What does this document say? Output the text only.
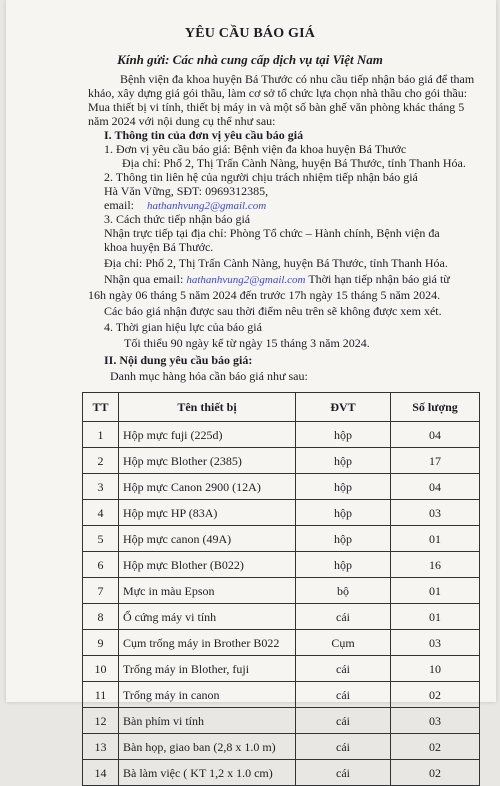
YÊU CẦU BÁO GIÁ
Kính gửi: Các nhà cung cấp dịch vụ tại Việt Nam
Bệnh viện đa khoa huyện Bá Thước có nhu cầu tiếp nhận báo giá để tham
khảo, xây dựng giá gói thầu, làm cơ sở tổ chức lựa chọn nhà thầu cho gói thầu:
Mua thiết bị vi tính, thiết bị máy in và một số bàn ghế văn phòng khác tháng 5
năm 2024 với nội dung cụ thể như sau:
I. Thông tin của đơn vị yêu cầu báo giá
1. Đơn vị yêu cầu báo giá: Bệnh viện đa khoa huyện Bá Thước
Địa chỉ: Phố 2, Thị Trấn Cành Nàng, huyện Bá Thước, tỉnh Thanh Hóa.
2. Thông tin liên hệ của người chịu trách nhiệm tiếp nhận báo giá
Hà Văn Vững, SĐT: 0969312385,
email: hathanhvung2@gmail.com
3. Cách thức tiếp nhận báo giá
Nhận trực tiếp tại địa chỉ: Phòng Tổ chức – Hành chính, Bệnh viện đa
khoa huyện Bá Thước.
Địa chỉ: Phố 2, Thị Trấn Cành Nàng, huyện Bá Thước, tỉnh Thanh Hóa.
Nhận qua email: hathanhvung2@gmail.com Thời hạn tiếp nhận báo giá từ
16h ngày 06 tháng 5 năm 2024 đến trước 17h ngày 15 tháng 5 năm 2024.
Các báo giá nhận được sau thời điểm nêu trên sẽ không được xem xét.
4. Thời gian hiệu lực của báo giá
TT	Tên thiết bị	ĐVT	Số lượng
1	Hộp mực fuji (225d)	hộp	04
2	Hộp mực Blother (2385)	hộp	17
3	Hộp mực Canon 2900 (12A)	hộp	04
4	Hộp mực HP (83A)	hộp	03
5	Hộp mực canon (49A)	hộp	01
6	Hộp mực Blother (B022)	hộp	16
7	Mực in màu Epson	bộ	01
8	Ổ cứng máy vi tính	cái	01
9	Cụm trống máy in Brother B022	Cụm	03
10	Trống máy in Blother, fuji	cái	10
11	Trống máy in canon	cái	02
12	Bàn phím vi tính	cái	03
13	Bàn họp, giao ban (2,8 x 1.0 m)	cái	02
14	Bà làm việc ( KT 1,2 x 1.0 cm)	cái	02
Tối thiểu 90 ngày kể từ ngày 15 tháng 3 năm 2024.
II. Nội dung yêu cầu báo giá:
Danh mục hàng hóa cần báo giá như sau:
